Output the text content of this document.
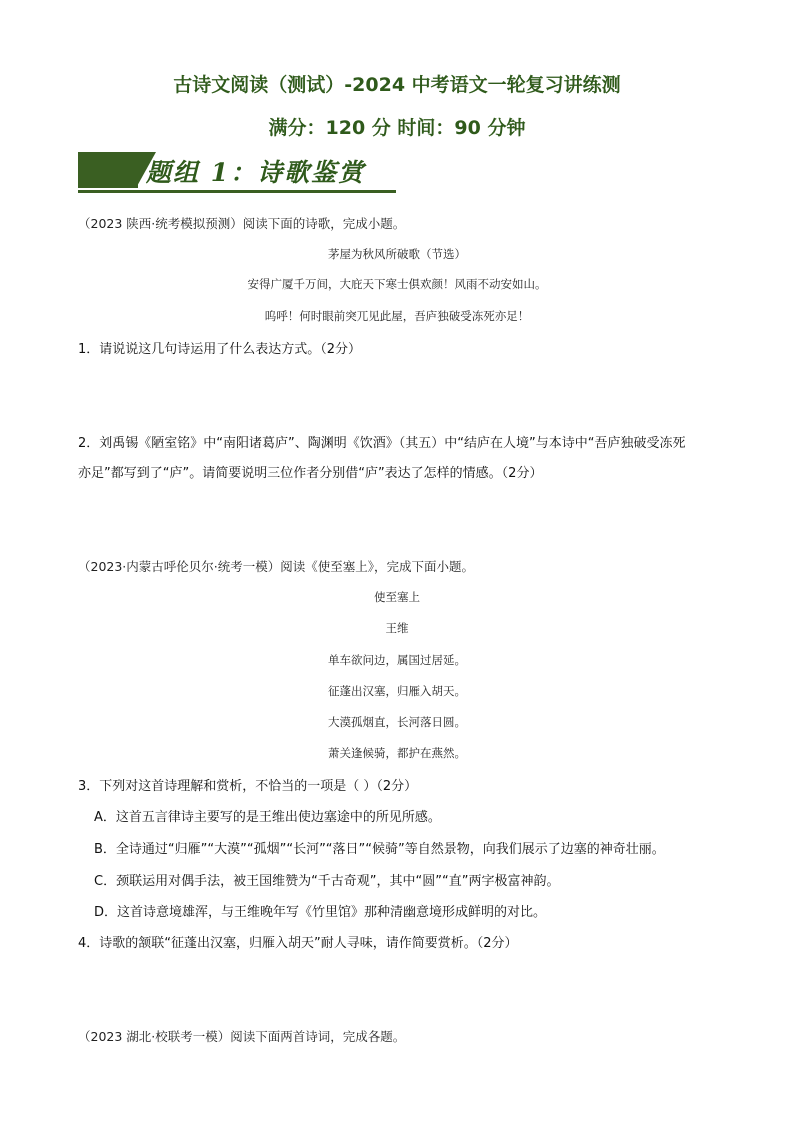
古诗文阅读（测试）-2024 中考语文一轮复习讲练测
满分：120 分 时间：90 分钟
题组 1：诗歌鉴赏
（2023 陕西·统考模拟预测）阅读下面的诗歌，完成小题。
茅屋为秋风所破歌（节选）
安得广厦千万间，大庇天下寒士俱欢颜！风雨不动安如山。
呜呼！何时眼前突兀见此屋，吾庐独破受冻死亦足！
1．请说说这几句诗运用了什么表达方式。（2分）
2．刘禹锡《陋室铭》中“南阳诸葛庐”、陶渊明《饮酒》（其五）中“结庐在人境”与本诗中“吾庐独破受冻死
亦足”都写到了“庐”。请简要说明三位作者分别借“庐”表达了怎样的情感。（2分）
（2023·内蒙古呼伦贝尔·统考一模）阅读《使至塞上》，完成下面小题。
使至塞上
王维
单车欲问边，属国过居延。
征蓬出汉塞，归雁入胡天。
大漠孤烟直，长河落日圆。
萧关逢候骑，都护在燕然。
3．下列对这首诗理解和赏析，不恰当的一项是（ ）（2分）
A．这首五言律诗主要写的是王维出使边塞途中的所见所感。
B．全诗通过“归雁”“大漠”“孤烟”“长河”“落日”“候骑”等自然景物，向我们展示了边塞的神奇壮丽。
C．颈联运用对偶手法，被王国维赞为“千古奇观”，其中“圆”“直”两字极富神韵。
D．这首诗意境雄浑，与王维晚年写《竹里馆》那种清幽意境形成鲜明的对比。
4．诗歌的颔联“征蓬出汉塞，归雁入胡天”耐人寻味，请作简要赏析。（2分）
（2023 湖北·校联考一模）阅读下面两首诗词，完成各题。
